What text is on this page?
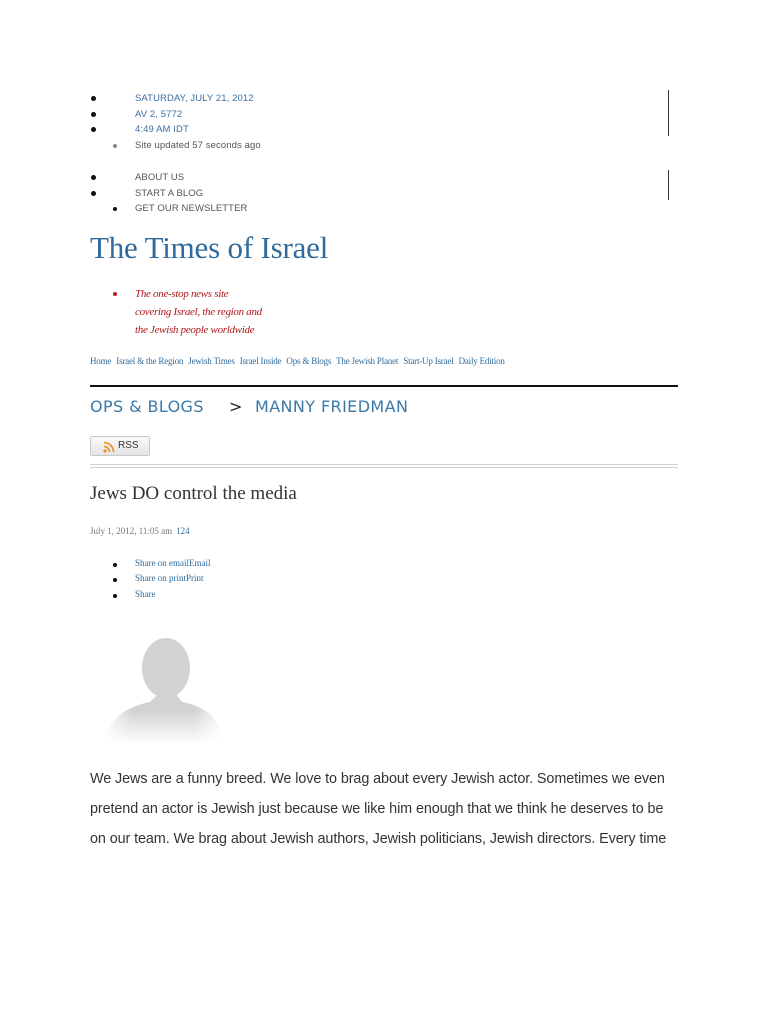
SATURDAY, JULY 21, 2012
AV 2, 5772
4:49 AM IDT
Site updated 57 seconds ago
ABOUT US
START A BLOG
GET OUR NEWSLETTER
The Times of Israel
The one-stop news site
covering Israel, the region and
the Jewish people worldwide
Home Israel & the Region Jewish Times Israel Inside Ops & Blogs The Jewish Planet Start-Up Israel Daily Edition
OPS & BLOGS > MANNY FRIEDMAN
RSS
Jews DO control the media
July 1, 2012, 11:05 am 124
Share on emailEmail
Share on printPrint
Share
We Jews are a funny breed. We love to brag about every Jewish actor. Sometimes we even
pretend an actor is Jewish just because we like him enough that we think he deserves to be
on our team. We brag about Jewish authors, Jewish politicians, Jewish directors. Every time
